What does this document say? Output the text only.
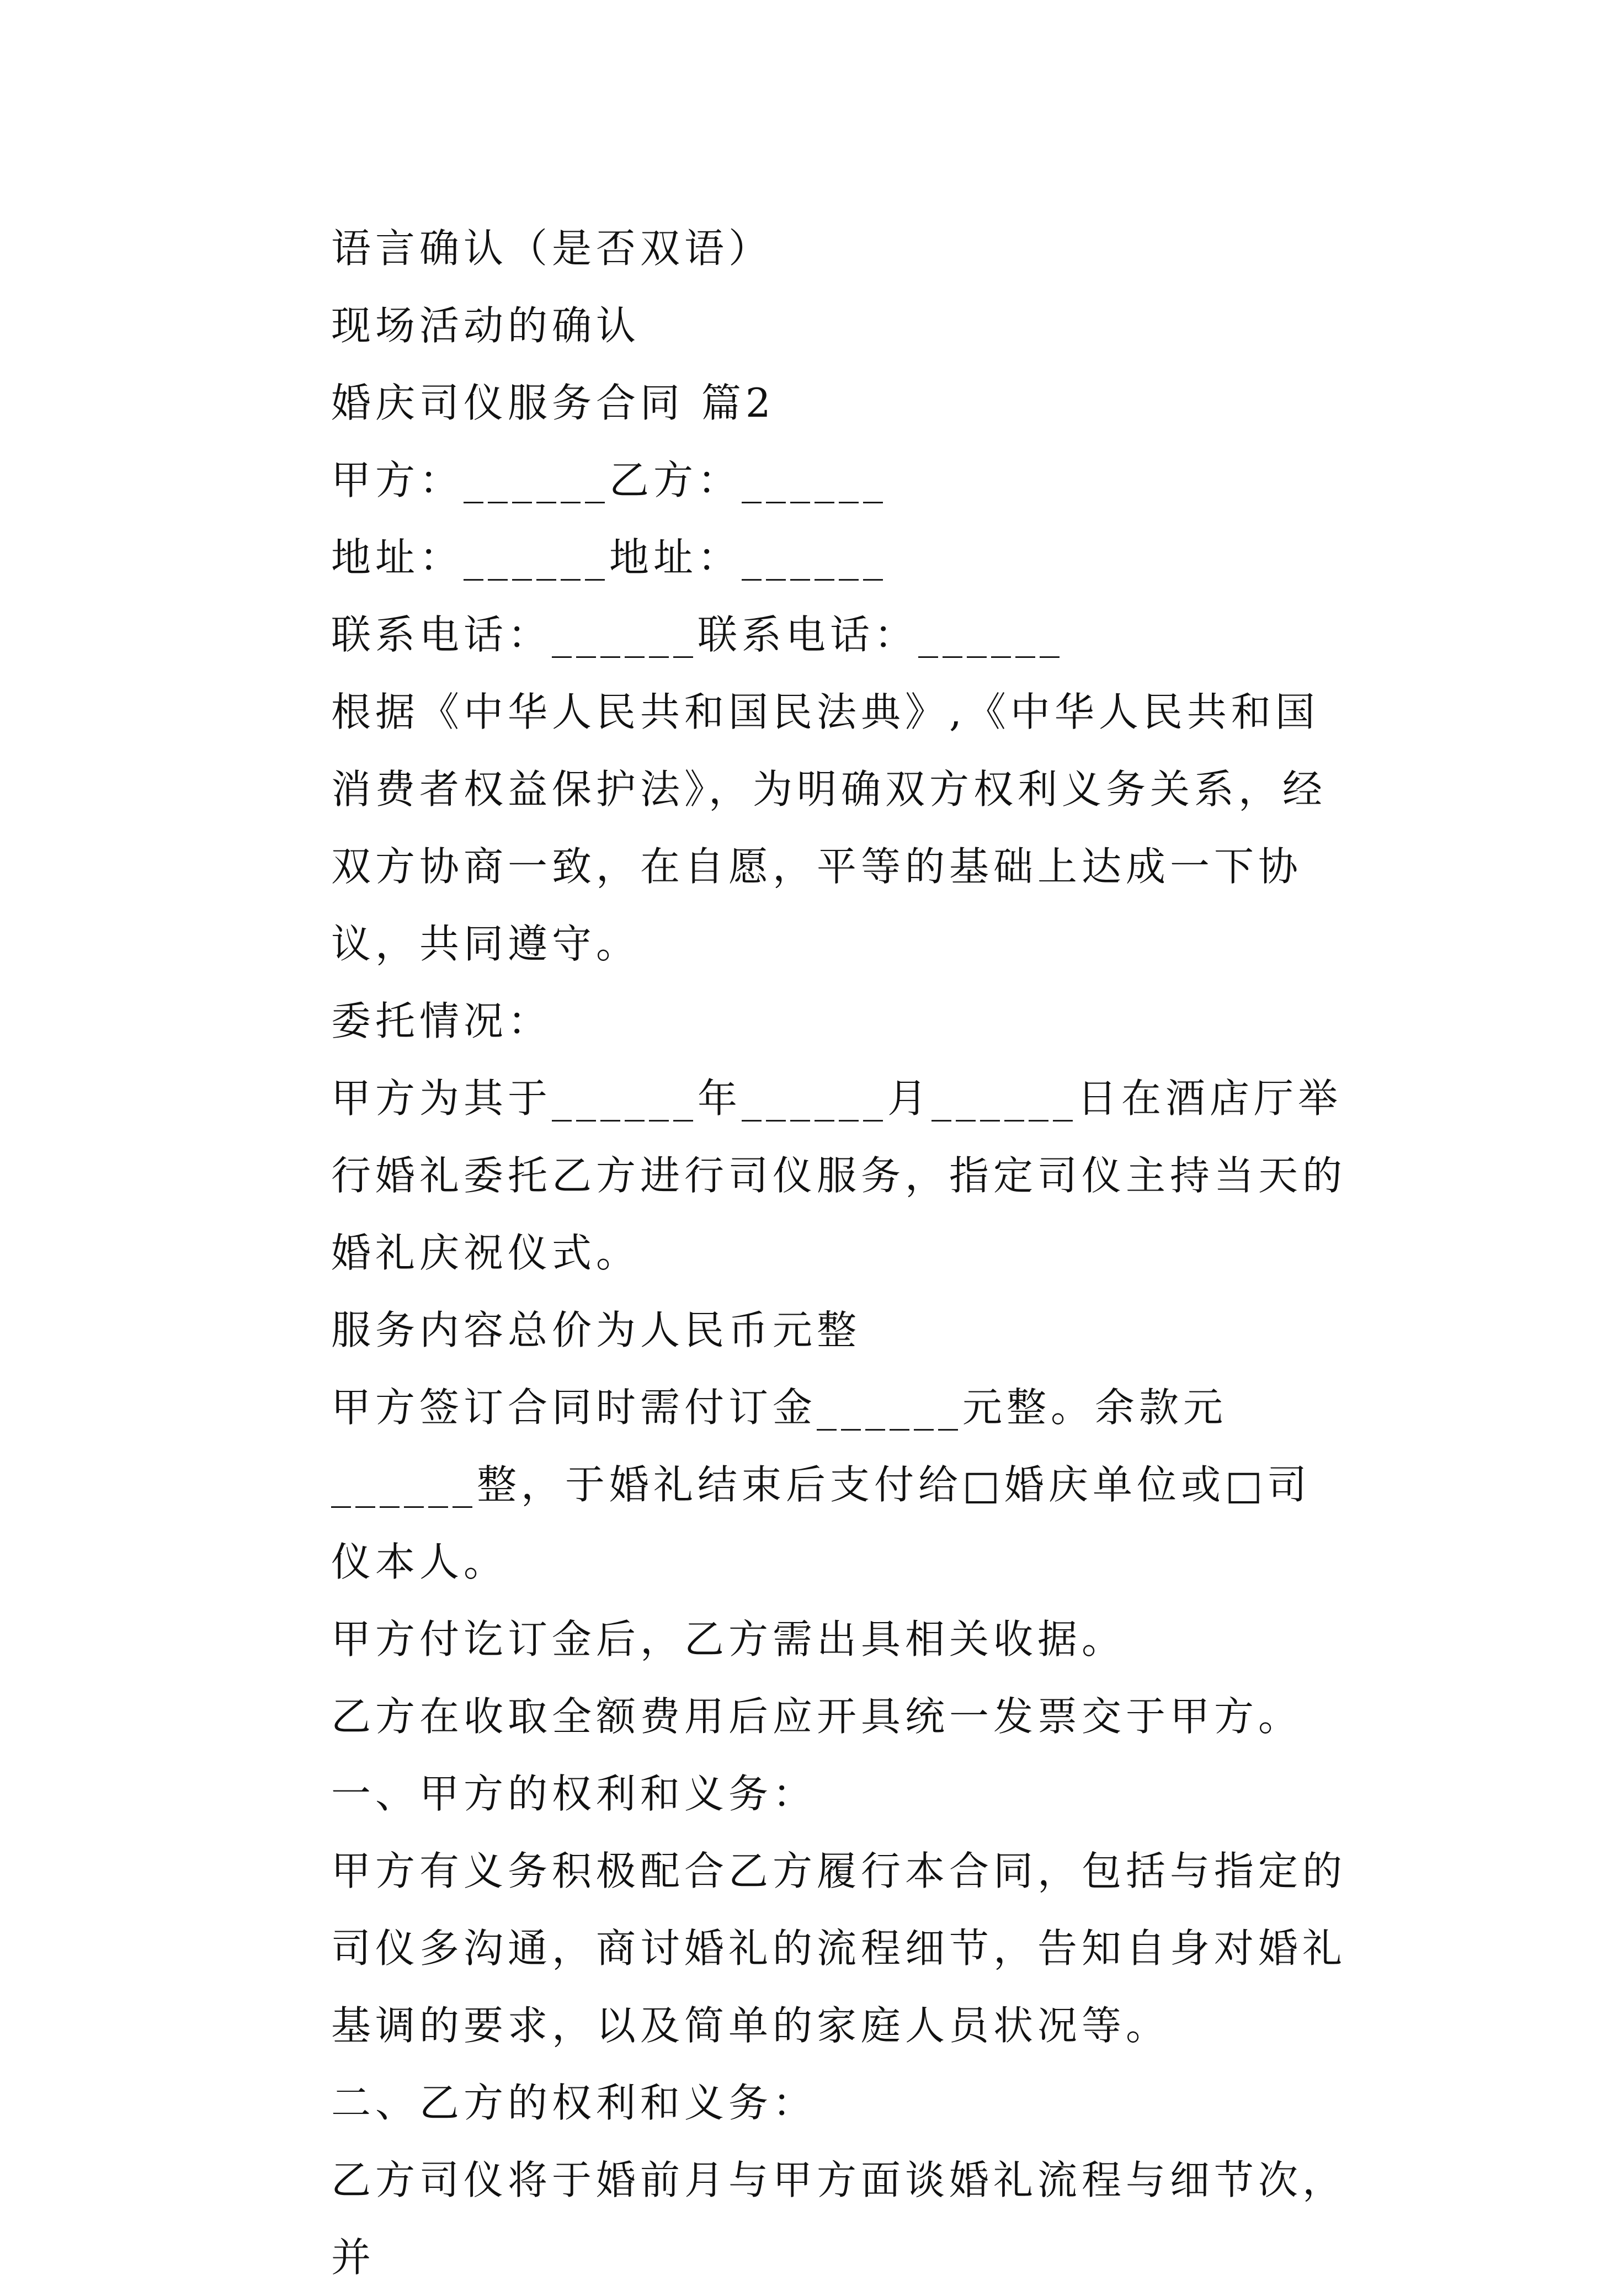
语言确认（是否双语）

现场活动的确认

婚庆司仪服务合同 篇2

甲方：______乙方：______

地址：______地址：______

联系电话：______联系电话：______

根据《中华人民共和国民法典》,《中华人民共和国消费者权益保护法》，为明确双方权利义务关系，经双方协商一致，在自愿，平等的基础上达成一下协议，共同遵守。

委托情况：

甲方为其于______年______月______日在酒店厅举行婚礼委托乙方进行司仪服务，指定司仪主持当天的婚礼庆祝仪式。

服务内容总价为人民币元整

甲方签订合同时需付订金______元整。余款元______整，于婚礼结束后支付给□婚庆单位或□司仪本人。

甲方付讫订金后，乙方需出具相关收据。

乙方在收取全额费用后应开具统一发票交于甲方。

一、甲方的权利和义务：

甲方有义务积极配合乙方履行本合同，包括与指定的司仪多沟通，商讨婚礼的流程细节，告知自身对婚礼基调的要求，以及简单的家庭人员状况等。

二、乙方的权利和义务：

乙方司仪将于婚前月与甲方面谈婚礼流程与细节次，并
